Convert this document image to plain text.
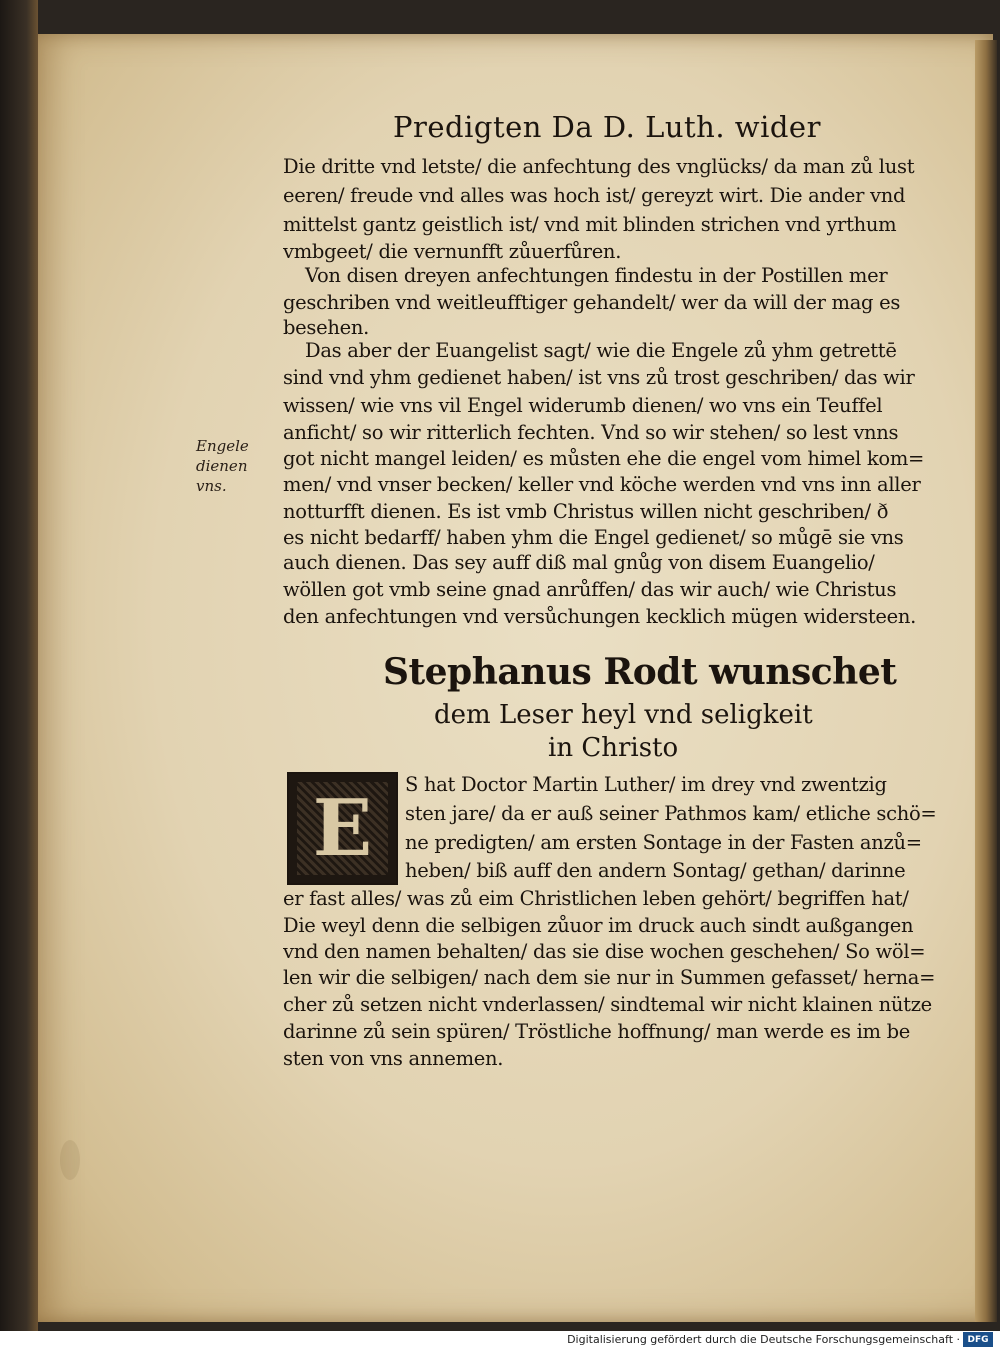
Predigten Da D. Luth. wider
Engele
dienen
vns.
Die dritte vnd letste/ die anfechtung des vnglücks/ da man zů lust
eeren/ freude vnd alles was hoch ist/ gereyzt wirt. Die ander vnd
mittelst gantz geistlich ist/ vnd mit blinden strichen vnd yrthum
vmbgeet/ die vernunfft zůuerfůren.
Von disen dreyen anfechtungen findestu in der Postillen mer
geschriben vnd weitleufftiger gehandelt/ wer da will der mag es
besehen.
Das aber der Euangelist sagt/ wie die Engele zů yhm getrettē
sind vnd yhm gedienet haben/ ist vns zů trost geschriben/ das wir
wissen/ wie vns vil Engel widerumb dienen/ wo vns ein Teuffel
anficht/ so wir ritterlich fechten. Vnd so wir stehen/ so lest vnns
got nicht mangel leiden/ es můsten ehe die engel vom himel kom=
men/ vnd vnser becken/ keller vnd köche werden vnd vns inn aller
notturfft dienen. Es ist vmb Christus willen nicht geschriben/ ð
es nicht bedarff/ haben yhm die Engel gedienet/ so můgē sie vns
auch dienen. Das sey auff diß mal gnůg von disem Euangelio/
wöllen got vmb seine gnad anrůffen/ das wir auch/ wie Christus
den anfechtungen vnd versůchungen kecklich mügen widersteen.
Stephanus Rodt wunschet
dem Leser heyl vnd seligkeit
in Christo
E S hat Doctor Martin Luther/ im drey vnd zwentzig
sten jare/ da er auß seiner Pathmos kam/ etliche schö=
ne predigten/ am ersten Sontage in der Fasten anzů=
heben/ biß auff den andern Sontag/ gethan/ darinne
er fast alles/ was zů eim Christlichen leben gehört/ begriffen hat/
Die weyl denn die selbigen zůuor im druck auch sindt außgangen
vnd den namen behalten/ das sie dise wochen geschehen/ So wöl=
len wir die selbigen/ nach dem sie nur in Summen gefasset/ herna=
cher zů setzen nicht vnderlassen/ sindtemal wir nicht klainen nütze
darinne zů sein spüren/ Tröstliche hoffnung/ man werde es im be
sten von vns annemen.
Digitalisierung gefördert durch die Deutsche Forschungsgemeinschaft · DFG
